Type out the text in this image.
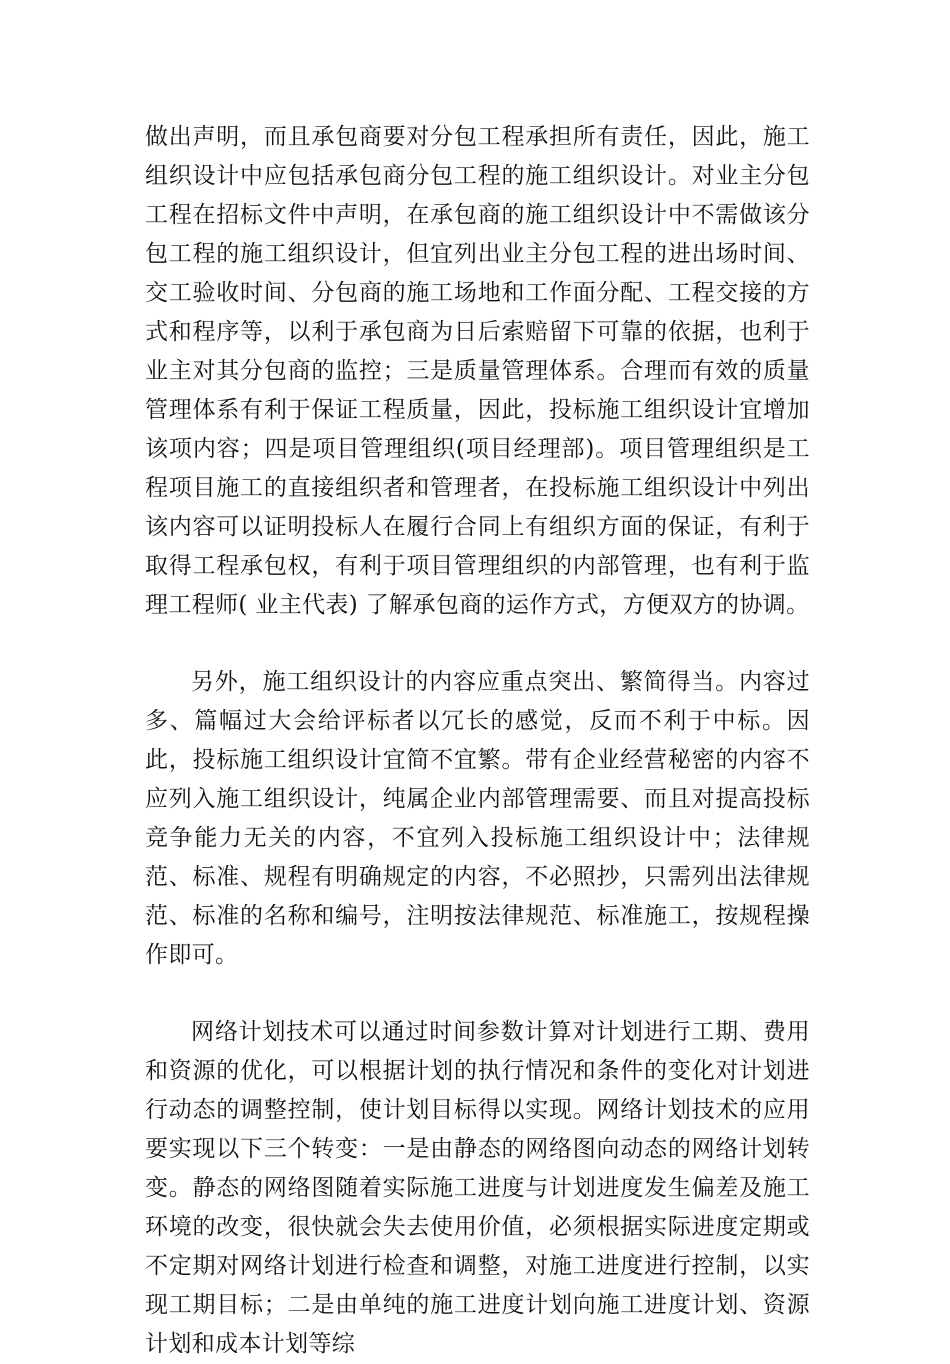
做出声明，而且承包商要对分包工程承担所有责任，因此，施工组织设计中应包括承包商分包工程的施工组织设计。对业主分包工程在招标文件中声明，在承包商的施工组织设计中不需做该分包工程的施工组织设计，但宜列出业主分包工程的进出场时间、交工验收时间、分包商的施工场地和工作面分配、工程交接的方式和程序等，以利于承包商为日后索赔留下可靠的依据，也利于业主对其分包商的监控；三是质量管理体系。合理而有效的质量管理体系有利于保证工程质量，因此，投标施工组织设计宜增加该项内容；四是项目管理组织(项目经理部)。项目管理组织是工程项目施工的直接组织者和管理者，在投标施工组织设计中列出该内容可以证明投标人在履行合同上有组织方面的保证，有利于取得工程承包权，有利于项目管理组织的内部管理，也有利于监理工程师( 业主代表) 了解承包商的运作方式，方便双方的协调。

另外，施工组织设计的内容应重点突出、繁简得当。内容过多、篇幅过大会给评标者以冗长的感觉，反而不利于中标。因此，投标施工组织设计宜简不宜繁。带有企业经营秘密的内容不应列入施工组织设计，纯属企业内部管理需要、而且对提高投标竞争能力无关的内容，不宜列入投标施工组织设计中；法律规范、标准、规程有明确规定的内容，不必照抄，只需列出法律规范、标准的名称和编号，注明按法律规范、标准施工，按规程操作即可。

网络计划技术可以通过时间参数计算对计划进行工期、费用和资源的优化，可以根据计划的执行情况和条件的变化对计划进行动态的调整控制，使计划目标得以实现。网络计划技术的应用要实现以下三个转变：一是由静态的网络图向动态的网络计划转变。静态的网络图随着实际施工进度与计划进度发生偏差及施工环境的改变，很快就会失去使用价值，必须根据实际进度定期或不定期对网络计划进行检查和调整，对施工进度进行控制，以实现工期目标；二是由单纯的施工进度计划向施工进度计划、资源计划和成本计划等综
